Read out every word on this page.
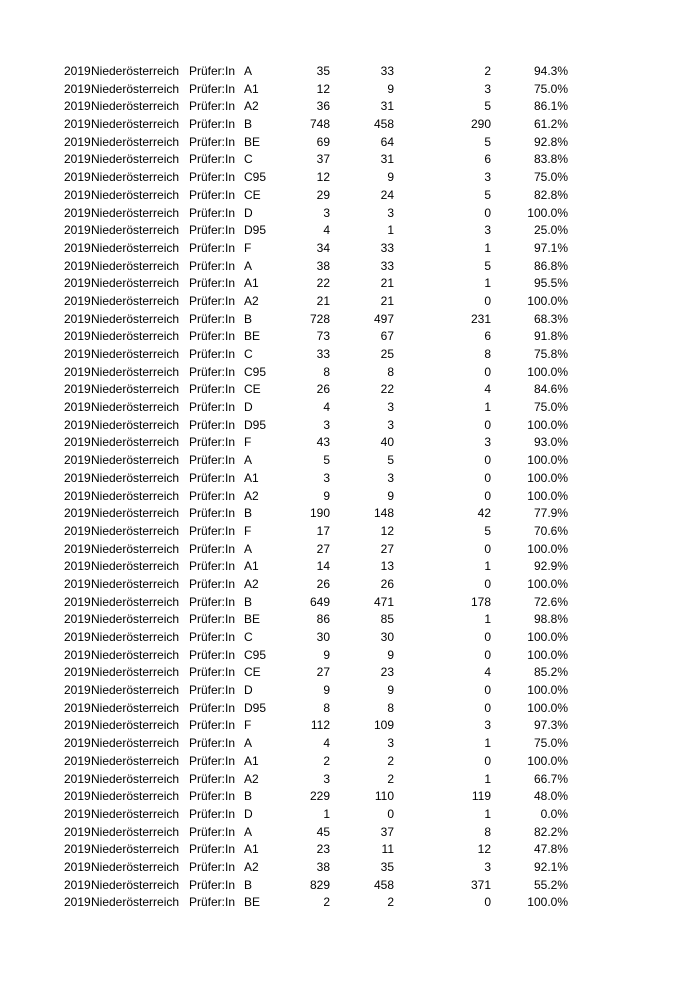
2019 Niederösterreich Prüfer:In A	35	33	2	94.3%
2019 Niederösterreich Prüfer:In A1	12	9	3	75.0%
2019 Niederösterreich Prüfer:In A2	36	31	5	86.1%
2019 Niederösterreich Prüfer:In B	748	458	290	61.2%
2019 Niederösterreich Prüfer:In BE	69	64	5	92.8%
2019 Niederösterreich Prüfer:In C	37	31	6	83.8%
2019 Niederösterreich Prüfer:In C95	12	9	3	75.0%
2019 Niederösterreich Prüfer:In CE	29	24	5	82.8%
2019 Niederösterreich Prüfer:In D	3	3	0	100.0%
2019 Niederösterreich Prüfer:In D95	4	1	3	25.0%
2019 Niederösterreich Prüfer:In F	34	33	1	97.1%
2019 Niederösterreich Prüfer:In A	38	33	5	86.8%
2019 Niederösterreich Prüfer:In A1	22	21	1	95.5%
2019 Niederösterreich Prüfer:In A2	21	21	0	100.0%
2019 Niederösterreich Prüfer:In B	728	497	231	68.3%
2019 Niederösterreich Prüfer:In BE	73	67	6	91.8%
2019 Niederösterreich Prüfer:In C	33	25	8	75.8%
2019 Niederösterreich Prüfer:In C95	8	8	0	100.0%
2019 Niederösterreich Prüfer:In CE	26	22	4	84.6%
2019 Niederösterreich Prüfer:In D	4	3	1	75.0%
2019 Niederösterreich Prüfer:In D95	3	3	0	100.0%
2019 Niederösterreich Prüfer:In F	43	40	3	93.0%
2019 Niederösterreich Prüfer:In A	5	5	0	100.0%
2019 Niederösterreich Prüfer:In A1	3	3	0	100.0%
2019 Niederösterreich Prüfer:In A2	9	9	0	100.0%
2019 Niederösterreich Prüfer:In B	190	148	42	77.9%
2019 Niederösterreich Prüfer:In F	17	12	5	70.6%
2019 Niederösterreich Prüfer:In A	27	27	0	100.0%
2019 Niederösterreich Prüfer:In A1	14	13	1	92.9%
2019 Niederösterreich Prüfer:In A2	26	26	0	100.0%
2019 Niederösterreich Prüfer:In B	649	471	178	72.6%
2019 Niederösterreich Prüfer:In BE	86	85	1	98.8%
2019 Niederösterreich Prüfer:In C	30	30	0	100.0%
2019 Niederösterreich Prüfer:In C95	9	9	0	100.0%
2019 Niederösterreich Prüfer:In CE	27	23	4	85.2%
2019 Niederösterreich Prüfer:In D	9	9	0	100.0%
2019 Niederösterreich Prüfer:In D95	8	8	0	100.0%
2019 Niederösterreich Prüfer:In F	112	109	3	97.3%
2019 Niederösterreich Prüfer:In A	4	3	1	75.0%
2019 Niederösterreich Prüfer:In A1	2	2	0	100.0%
2019 Niederösterreich Prüfer:In A2	3	2	1	66.7%
2019 Niederösterreich Prüfer:In B	229	110	119	48.0%
2019 Niederösterreich Prüfer:In D	1	0	1	0.0%
2019 Niederösterreich Prüfer:In A	45	37	8	82.2%
2019 Niederösterreich Prüfer:In A1	23	11	12	47.8%
2019 Niederösterreich Prüfer:In A2	38	35	3	92.1%
2019 Niederösterreich Prüfer:In B	829	458	371	55.2%
2019 Niederösterreich Prüfer:In BE	2	2	0	100.0%
